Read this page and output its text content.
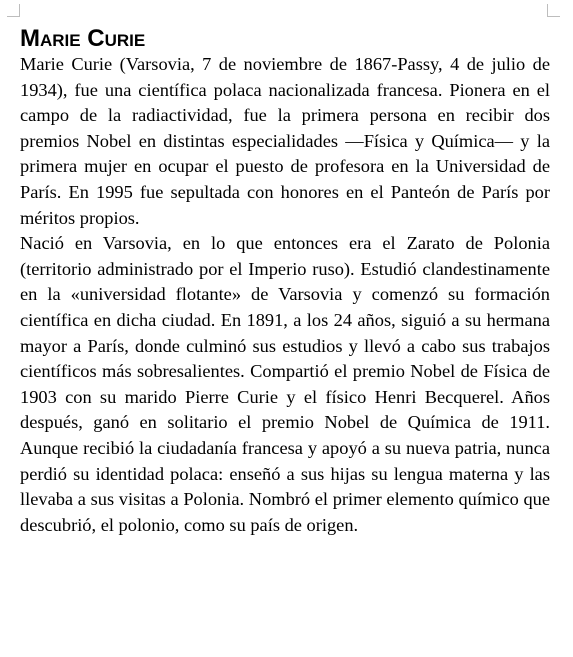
Marie Curie

Marie Curie (Varsovia, 7 de noviembre de 1867-Passy, 4 de julio de 1934), fue una científica polaca nacionalizada francesa. Pionera en el campo de la radiactividad, fue la primera persona en recibir dos premios Nobel en distintas especialidades —Física y Química— y la primera mujer en ocupar el puesto de profesora en la Universidad de París. En 1995 fue sepultada con honores en el Panteón de París por méritos propios.

Nació en Varsovia, en lo que entonces era el Zarato de Polonia (territorio administrado por el Imperio ruso). Estudió clandestinamente en la «universidad flotante» de Varsovia y comenzó su formación científica en dicha ciudad. En 1891, a los 24 años, siguió a su hermana mayor a París, donde culminó sus estudios y llevó a cabo sus trabajos científicos más sobresalientes. Compartió el premio Nobel de Física de 1903 con su marido Pierre Curie y el físico Henri Becquerel. Años después, ganó en solitario el premio Nobel de Química de 1911. Aunque recibió la ciudadanía francesa y apoyó a su nueva patria, nunca perdió su identidad polaca: enseñó a sus hijas su lengua materna y las llevaba a sus visitas a Polonia. Nombró el primer elemento químico que descubrió, el polonio, como su país de origen.
